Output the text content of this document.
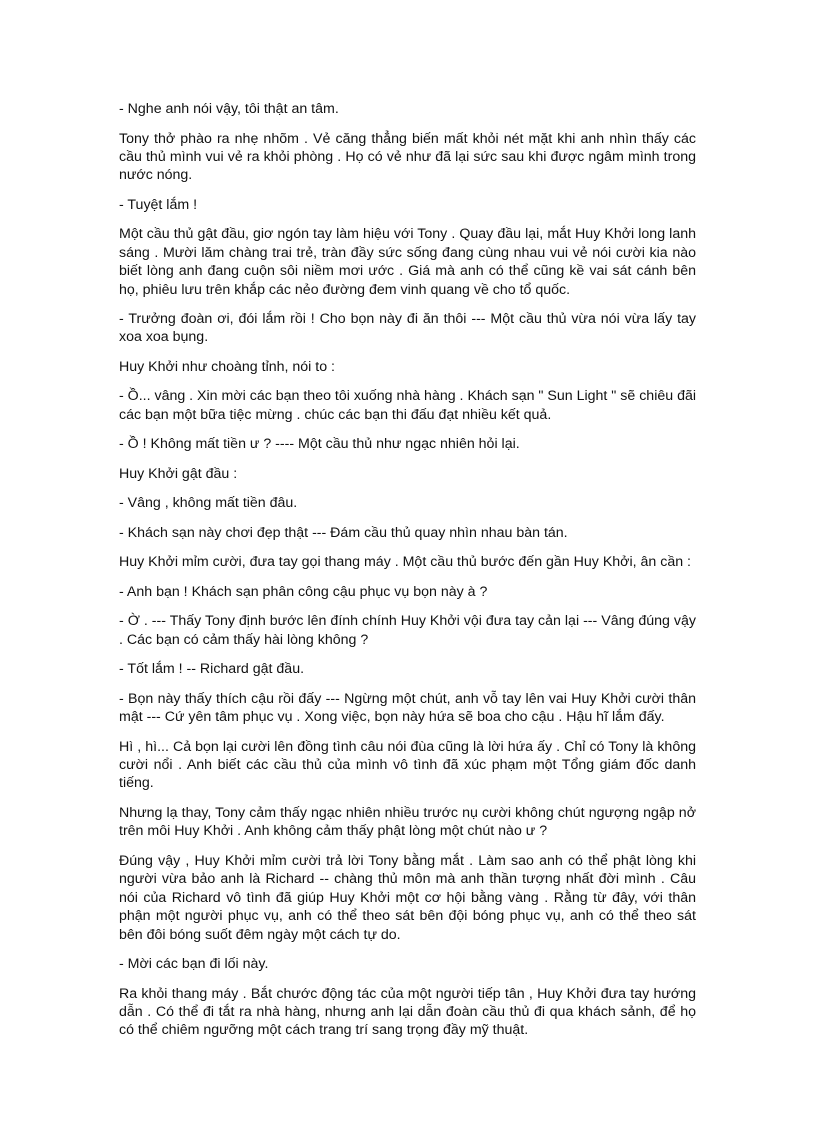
- Nghe anh nói vậy, tôi thật an tâm.

Tony thở phào ra nhẹ nhõm . Vẻ căng thẳng biến mất khỏi nét mặt khi anh nhìn thấy các cầu thủ mình vui vẻ ra khỏi phòng . Họ có vẻ như đã lại sức sau khi được ngâm mình trong nước nóng.

- Tuyệt lắm !

Một cầu thủ gật đầu, giơ ngón tay làm hiệu với Tony . Quay đầu lại, mắt Huy Khởi long lanh sáng . Mười lăm chàng trai trẻ, tràn đầy sức sống đang cùng nhau vui vẻ nói cười kia nào biết lòng anh đang cuộn sôi niềm mơi ước . Giá mà anh có thể cũng kề vai sát cánh bên họ, phiêu lưu trên khắp các nẻo đường đem vinh quang về cho tổ quốc.

- Trưởng đoàn ơi, đói lắm rồi ! Cho bọn này đi ăn thôi --- Một cầu thủ vừa nói vừa lấy tay xoa xoa bụng.

Huy Khởi như choàng tỉnh, nói to :

- Ồ... vâng . Xin mời các bạn theo tôi xuống nhà hàng . Khách sạn " Sun Light " sẽ chiêu đãi các bạn một bữa tiệc mừng . chúc các bạn thi đấu đạt nhiều kết quả.

- Ồ ! Không mất tiền ư ? ---- Một cầu thủ như ngạc nhiên hỏi lại.

Huy Khởi gật đầu :

- Vâng , không mất tiền đâu.

- Khách sạn này chơi đẹp thật --- Đám cầu thủ quay nhìn nhau bàn tán.

Huy Khởi mỉm cười, đưa tay gọi thang máy . Một cầu thủ bước đến gần Huy Khởi, ân cần :

- Anh bạn ! Khách sạn phân công cậu phục vụ bọn này à ?

- Ờ . --- Thấy Tony định bước lên đính chính Huy Khởi vội đưa tay cản lại --- Vâng đúng vậy . Các bạn có cảm thấy hài lòng không ?

- Tốt lắm ! -- Richard gật đầu.

- Bọn này thấy thích cậu rồi đấy --- Ngừng một chút, anh vỗ tay lên vai Huy Khởi cười thân mật --- Cứ yên tâm phục vụ . Xong việc, bọn này hứa sẽ boa cho cậu . Hậu hĩ lắm đấy.

Hì , hì... Cả bọn lại cười lên đồng tình câu nói đùa cũng là lời hứa ấy . Chỉ có Tony là không cười nổi . Anh biết các cầu thủ của mình vô tình đã xúc phạm một Tổng giám đốc danh tiếng.

Nhưng lạ thay, Tony cảm thấy ngạc nhiên nhiều trước nụ cười không chút ngượng ngập nở trên môi Huy Khởi . Anh không cảm thấy phật lòng một chút nào ư ?

Đúng vậy , Huy Khởi mỉm cười trả lời Tony bằng mắt . Làm sao anh có thể phật lòng khi người vừa bảo anh là Richard -- chàng thủ môn mà anh thần tượng nhất đời mình . Câu nói của Richard vô tình đã giúp Huy Khởi một cơ hội bằng vàng . Rằng từ đây, với thân phận một người phục vụ, anh có thể theo sát bên đội bóng phục vụ, anh có thể theo sát bên đôi bóng suốt đêm ngày một cách tự do.

- Mời các bạn đi lối này.

Ra khỏi thang máy . Bắt chước động tác của một người tiếp tân , Huy Khởi đưa tay hướng dẫn . Có thể đi tắt ra nhà hàng, nhưng anh lại dẫn đoàn cầu thủ đi qua khách sảnh, để họ có thể chiêm ngưỡng một cách trang trí sang trọng đầy mỹ thuật.
